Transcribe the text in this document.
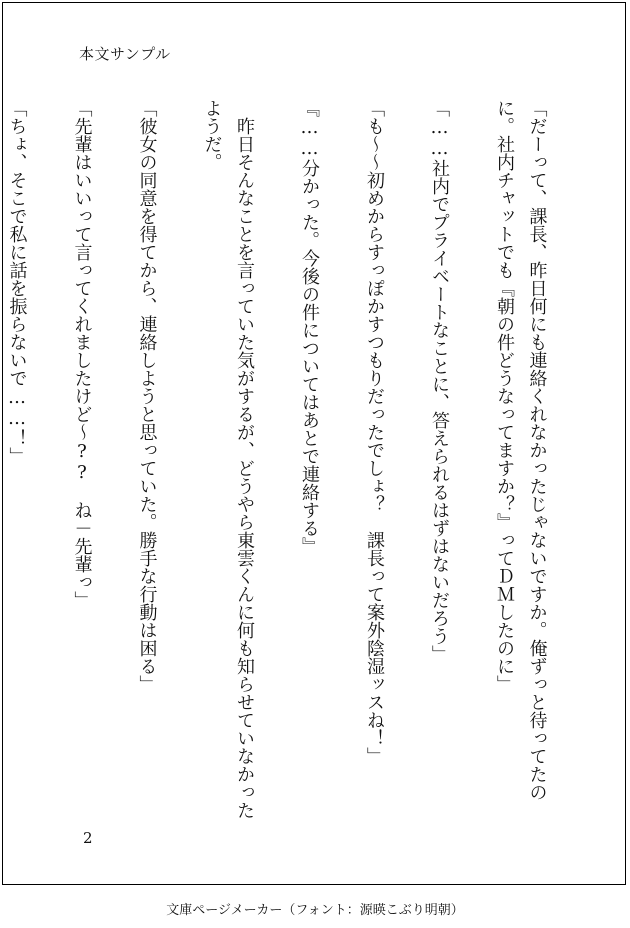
本文サンプル

「だーって、課長、昨日何にも連絡くれなかったじゃないですか。俺ずっと待ってたのに。社内チャットでも『朝の件どうなってますか？』ってＤＭしたのに」

「……社内でプライベートなことに、答えられるはずはないだろう」

「も～～初めからすっぽかすつもりだったでしょ？　課長って案外陰湿ッスね！」

『……分かった。今後の件についてはあとで連絡する』

　昨日そんなことを言っていた気がするが、どうやら東雲くんに何も知らせていなかったようだ。

「彼女の同意を得てから、連絡しようと思っていた。勝手な行動は困る」

「先輩はいいって言ってくれましたけど～??　ね－先輩っ」

「ちょ、そこで私に話を振らないで……！」

2
文庫ページメーカー（フォント：源暎こぶり明朝）
